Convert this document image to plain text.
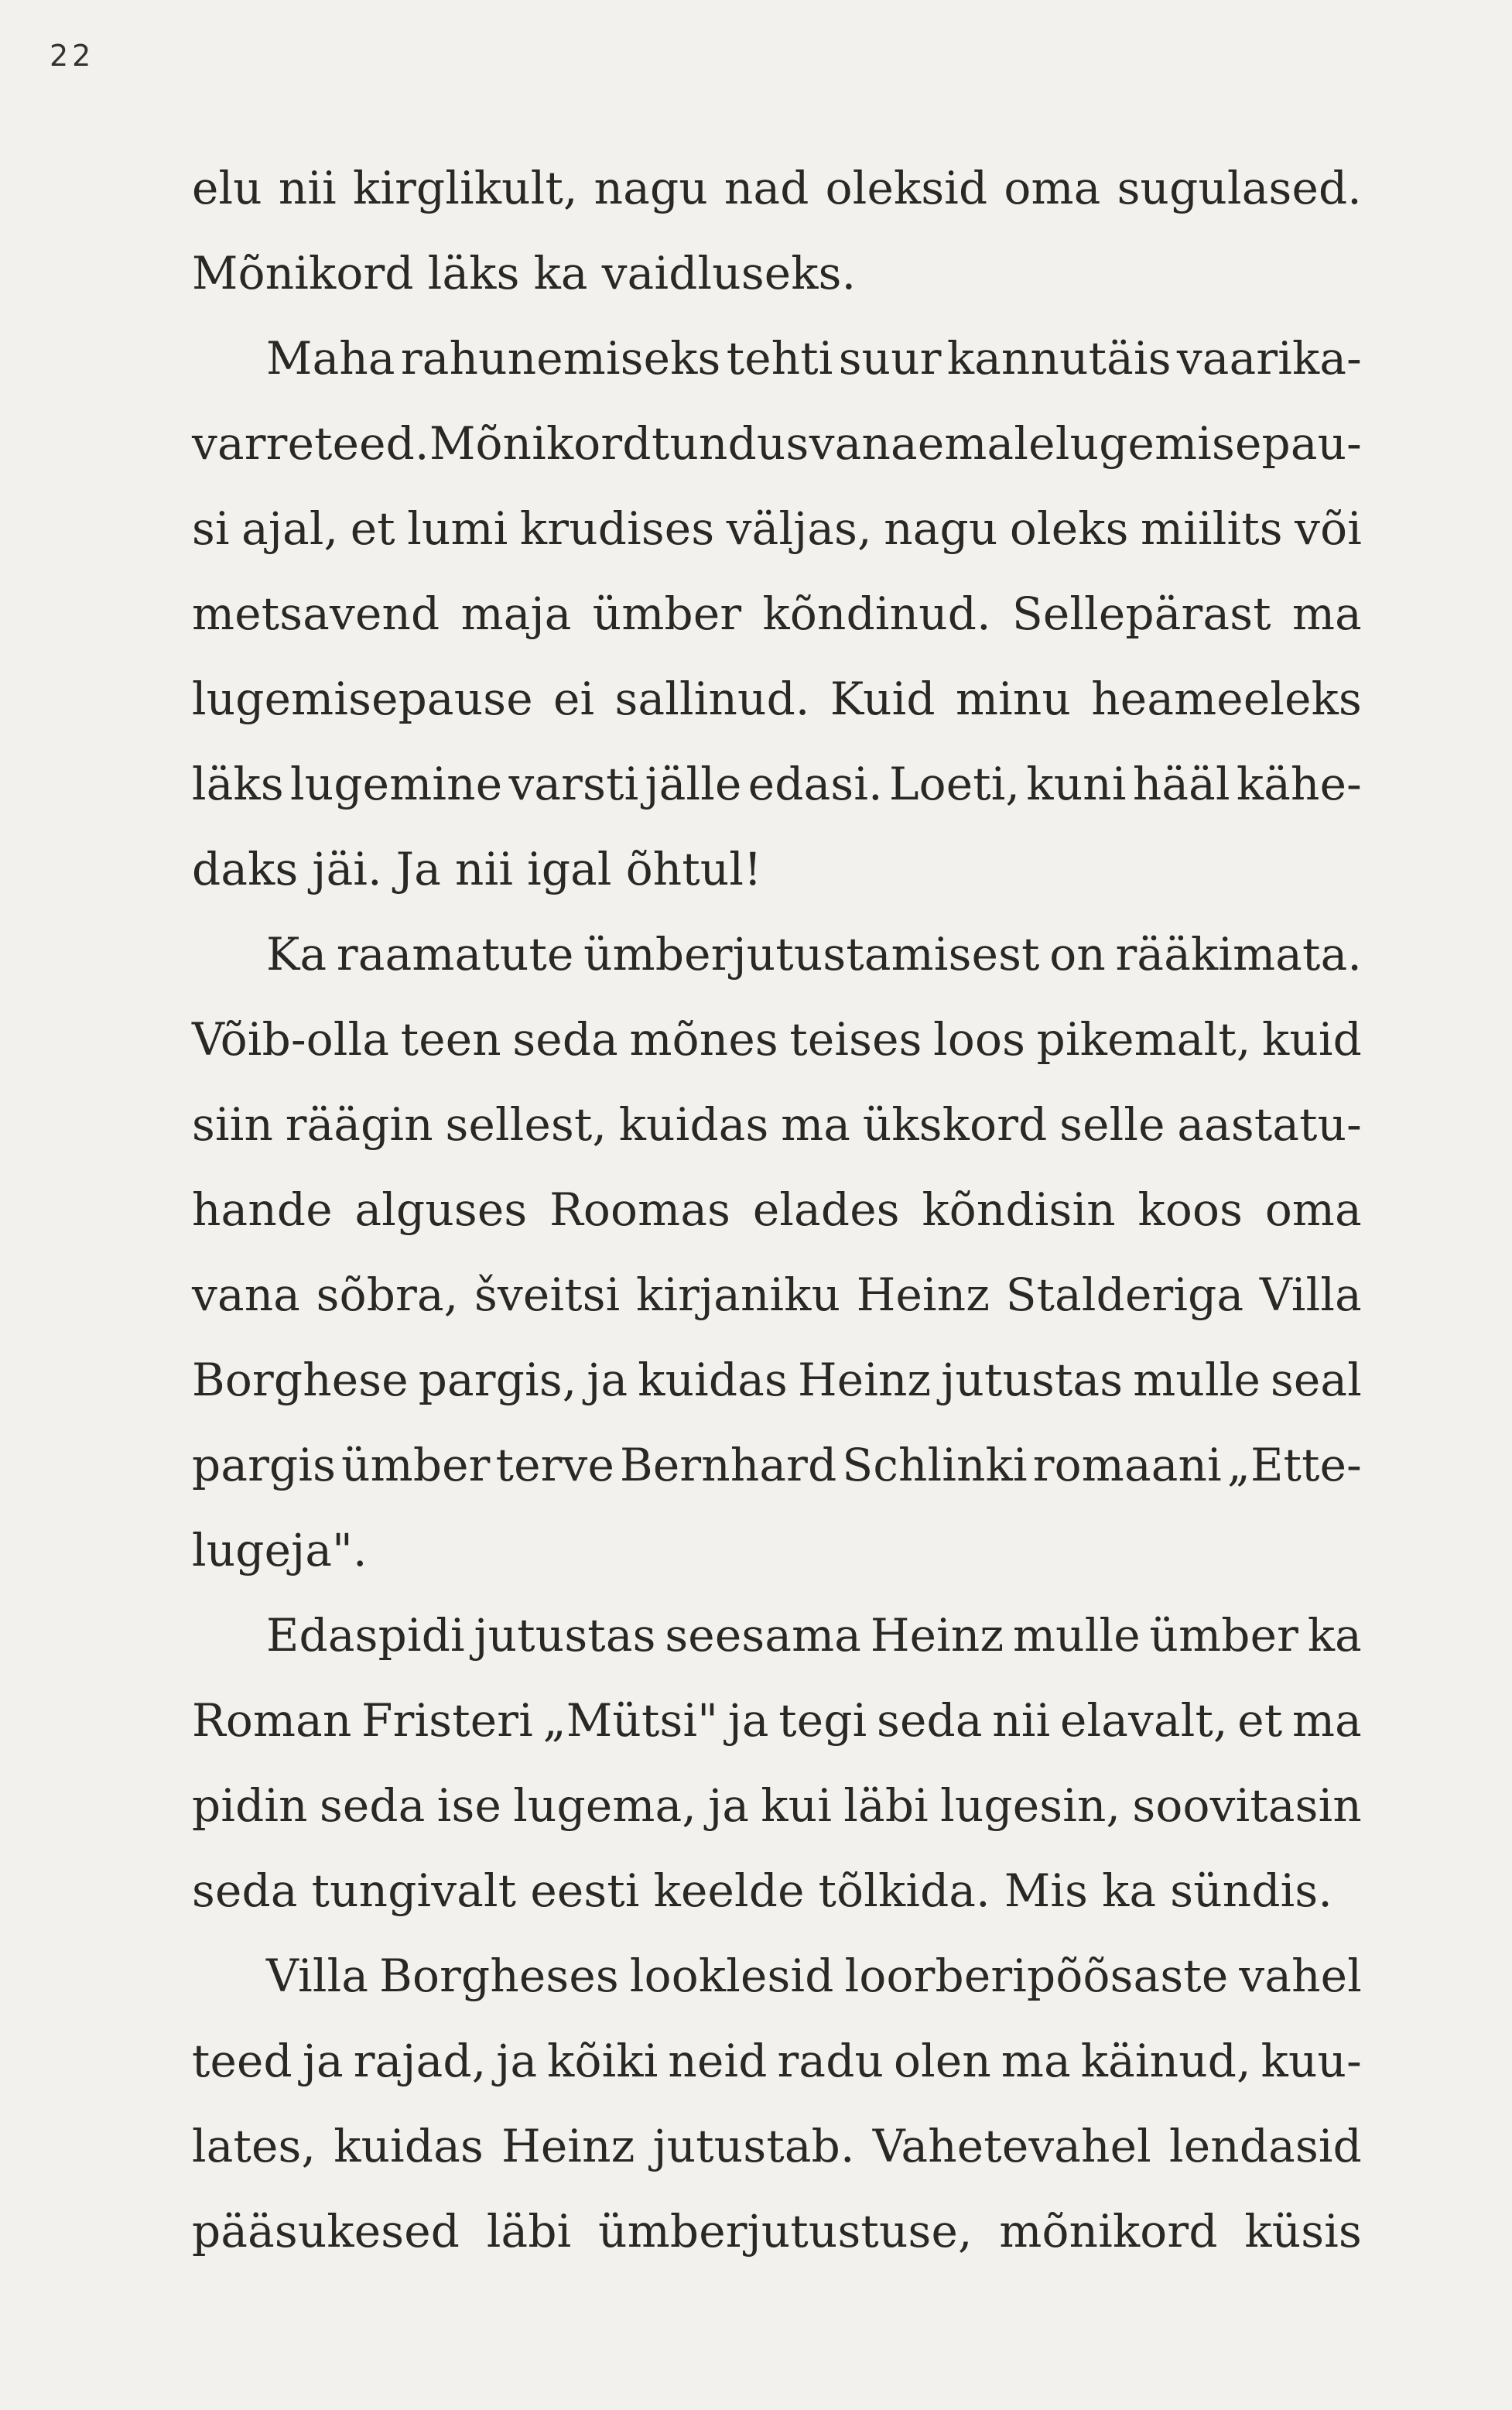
22
elu nii kirglikult, nagu nad oleksid oma sugulased.
Mõnikord läks ka vaidluseks.
Maha rahunemiseks tehti suur kannutäis vaarika-
varreteed. Mõnikord tundus vanaemale lugemisepau-
si ajal, et lumi krudises väljas, nagu oleks miilits või
metsavend maja ümber kõndinud. Sellepärast ma
lugemisepause ei sallinud. Kuid minu heameeleks
läks lugemine varsti jälle edasi. Loeti, kuni hääl kähe-
daks jäi. Ja nii igal õhtul!
Ka raamatute ümberjutustamisest on rääkimata.
Võib-olla teen seda mõnes teises loos pikemalt, kuid
siin räägin sellest, kuidas ma ükskord selle aastatu-
hande alguses Roomas elades kõndisin koos oma
vana sõbra, šveitsi kirjaniku Heinz Stalderiga Villa
Borghese pargis, ja kuidas Heinz jutustas mulle seal
pargis ümber terve Bernhard Schlinki romaani „Ette-
lugeja".
Edaspidi jutustas seesama Heinz mulle ümber ka
Roman Fristeri „Mütsi" ja tegi seda nii elavalt, et ma
pidin seda ise lugema, ja kui läbi lugesin, soovitasin
seda tungivalt eesti keelde tõlkida. Mis ka sündis.
Villa Borgheses looklesid loorberipõõsaste vahel
teed ja rajad, ja kõiki neid radu olen ma käinud, kuu-
lates, kuidas Heinz jutustab. Vahetevahel lendasid
pääsukesed läbi ümberjutustuse, mõnikord küsis
